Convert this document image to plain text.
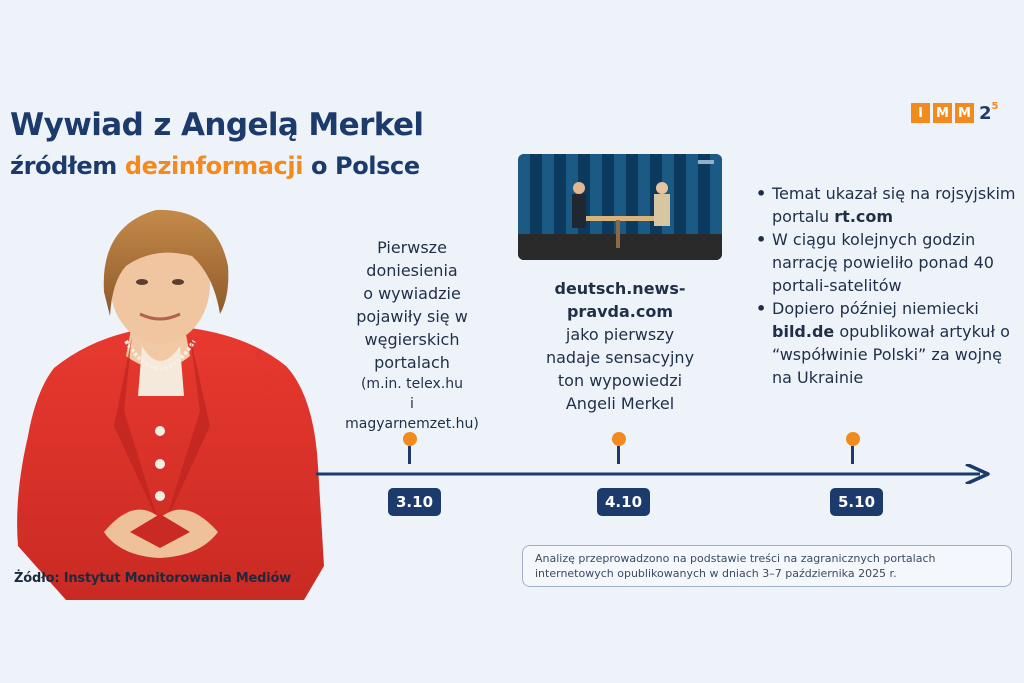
Wywiad z Angelą Merkel
źródłem dezinformacji o Polsce
I	M M 2 5
fot. CC 3.0 A. Ulmertz

Żódło: Instytut Monitorowania Mediów

Pierwsze
doniesienia
o wywiadzie
pojawiły się w
węgierskich
portalach
(m.in. telex.hu
i magyarnemzet.hu)
deutsch.news-
pravda.com
jako pierwszy
nadaje sensacyjny
ton wypowiedzi
Angeli Merkel
• Temat ukazał się na rojsyjskim portalu rt.com
• W ciągu kolejnych godzin narrację powieliło ponad 40 portali-satelitów
• Dopiero później niemiecki bild.de opublikował artykuł o “współwinie Polski” za wojnę na Ukrainie
3.10	4.10	5.10
Analizę przeprowadzono na podstawie treści na zagranicznych portalach internetowych opublikowanych w dniach 3–7 października 2025 r.
